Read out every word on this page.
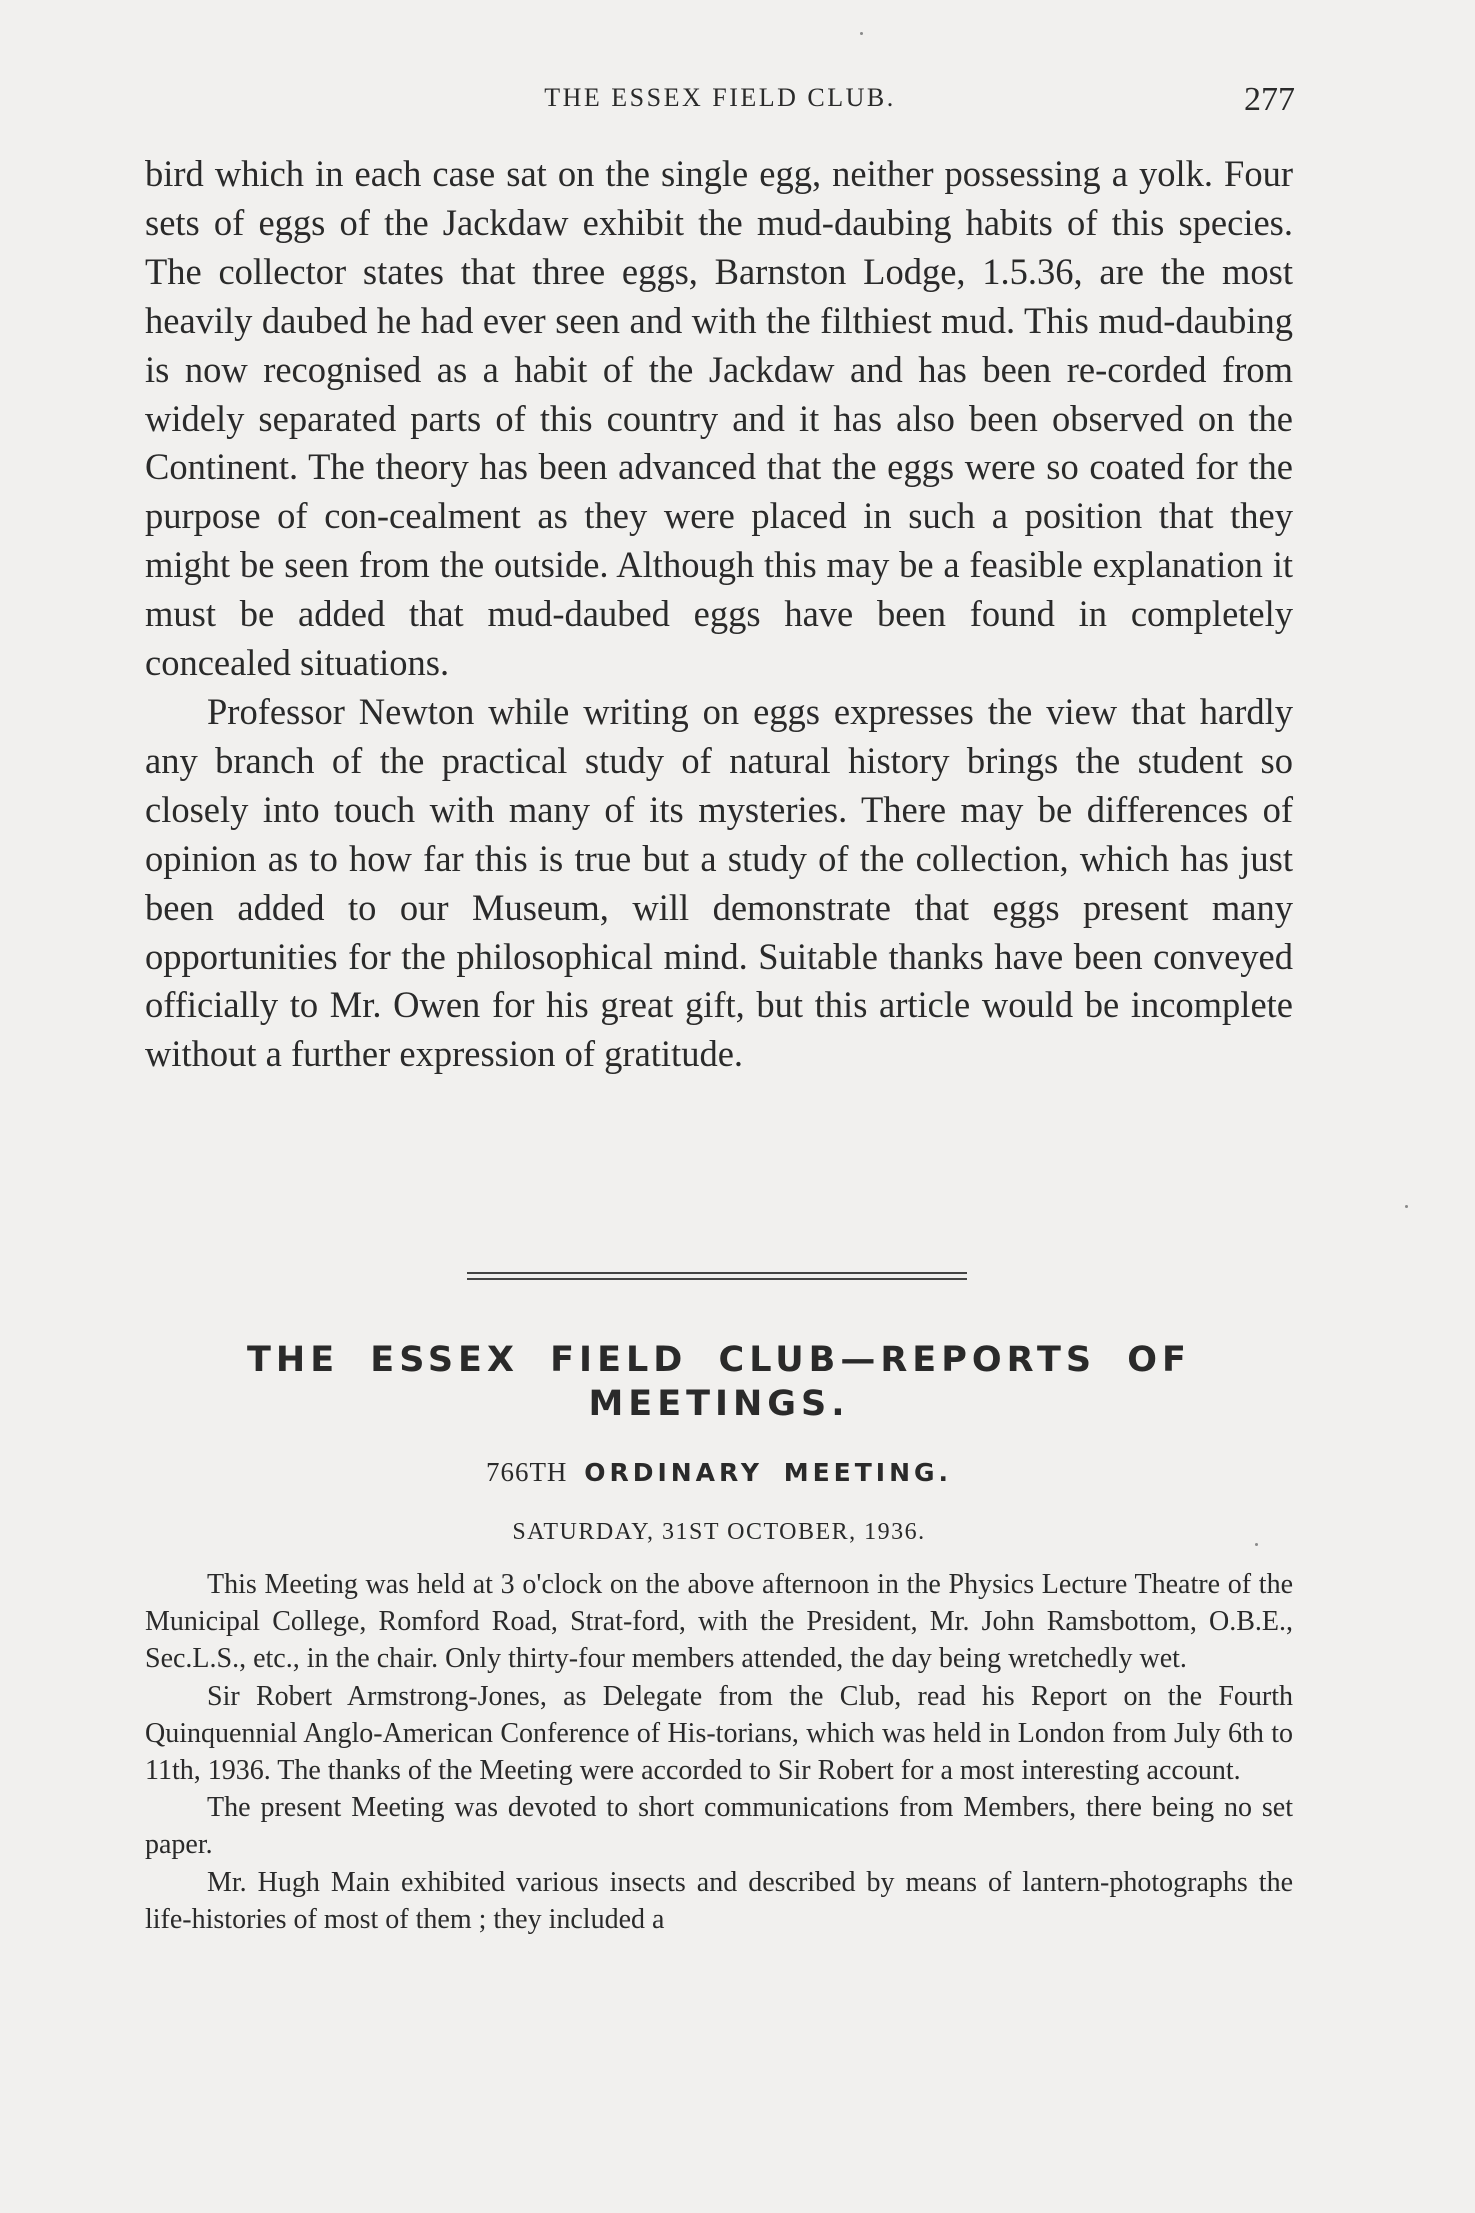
THE ESSEX FIELD CLUB.	277

bird which in each case sat on the single egg, neither possessing a yolk. Four sets of eggs of the Jackdaw exhibit the mud-daubing habits of this species. The collector states that three eggs, Barnston Lodge, 1.5.36, are the most heavily daubed he had ever seen and with the filthiest mud. This mud-daubing is now recognised as a habit of the Jackdaw and has been re-corded from widely separated parts of this country and it has also been observed on the Continent. The theory has been advanced that the eggs were so coated for the purpose of con-cealment as they were placed in such a position that they might be seen from the outside. Although this may be a feasible explanation it must be added that mud-daubed eggs have been found in completely concealed situations.

Professor Newton while writing on eggs expresses the view that hardly any branch of the practical study of natural history brings the student so closely into touch with many of its mysteries. There may be differences of opinion as to how far this is true but a study of the collection, which has just been added to our Museum, will demonstrate that eggs present many opportunities for the philosophical mind. Suitable thanks have been conveyed officially to Mr. Owen for his great gift, but this article would be incomplete without a further expression of gratitude.

THE ESSEX FIELD CLUB—REPORTS OF MEETINGS.
766TH ORDINARY MEETING.
SATURDAY, 31ST OCTOBER, 1936.

This Meeting was held at 3 o'clock on the above afternoon in the Physics Lecture Theatre of the Municipal College, Romford Road, Strat-ford, with the President, Mr. John Ramsbottom, O.B.E., Sec.L.S., etc., in the chair. Only thirty-four members attended, the day being wretchedly wet.

Sir Robert Armstrong-Jones, as Delegate from the Club, read his Report on the Fourth Quinquennial Anglo-American Conference of His-torians, which was held in London from July 6th to 11th, 1936. The thanks of the Meeting were accorded to Sir Robert for a most interesting account.

The present Meeting was devoted to short communications from Members, there being no set paper.

Mr. Hugh Main exhibited various insects and described by means of lantern-photographs the life-histories of most of them ; they included a
